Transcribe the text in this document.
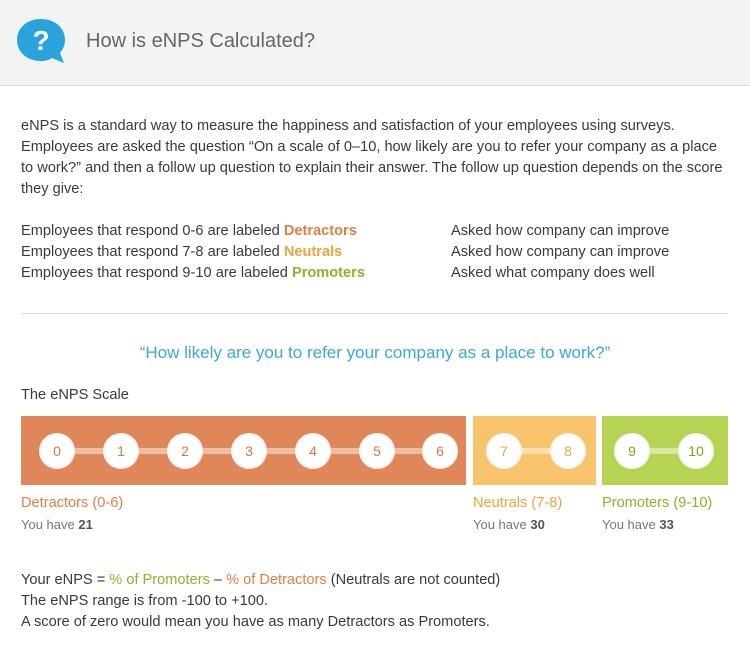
? How is eNPS Calculated?
eNPS is a standard way to measure the happiness and satisfaction of your employees using surveys. Employees are asked the question “On a scale of 0–10, how likely are you to refer your company as a place to work?” and then a follow up question to explain their answer. The follow up question depends on the score they give:
Employees that respond 0-6 are labeled Detractors	Asked how company can improve
Employees that respond 7-8 are labeled Neutrals	Asked how company can improve
Employees that respond 9-10 are labeled Promoters	Asked what company does well
“How likely are you to refer your company as a place to work?”
The eNPS Scale
0	1	2	3	4	5	6	7	8	9	10
Detractors (0-6)
You have 21
Neutrals (7-8)
You have 30
Promoters (9-10)
You have 33
Your eNPS = % of Promoters – % of Detractors (Neutrals are not counted)
The eNPS range is from -100 to +100.
A score of zero would mean you have as many Detractors as Promoters.
